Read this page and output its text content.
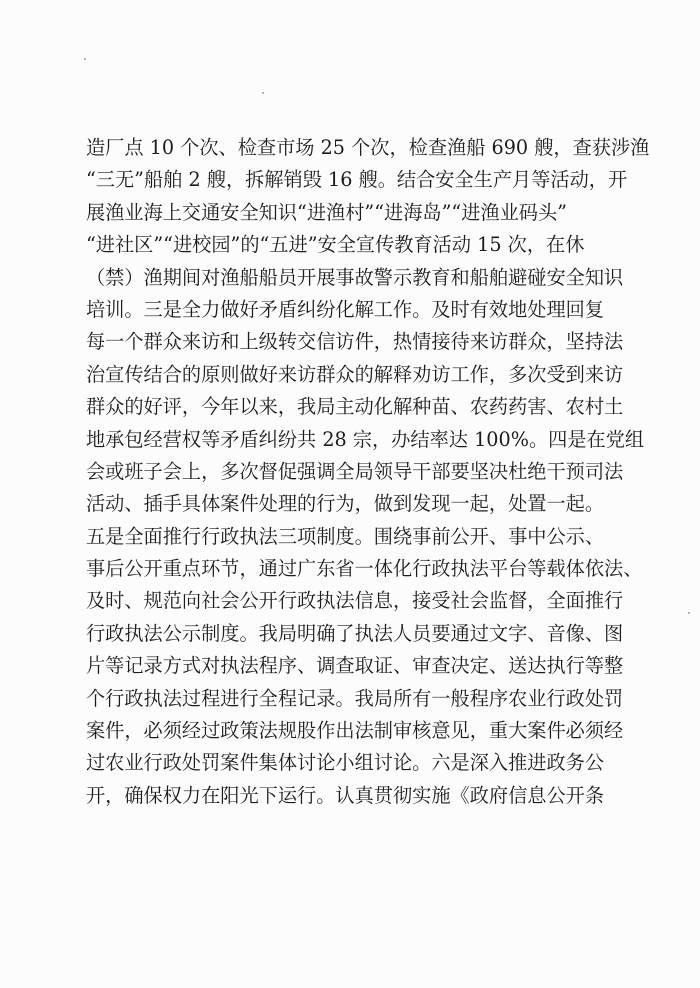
造厂点 10 个次、检查市场 25 个次，检查渔船 690 艘，查获涉渔

“三无”船舶 2 艘，拆解销毁 16 艘。结合安全生产月等活动，开

展渔业海上交通安全知识“进渔村”“进海岛”“进渔业码头”

“进社区”“进校园”的“五进”安全宣传教育活动 15 次，在休

（禁）渔期间对渔船船员开展事故警示教育和船舶避碰安全知识

培训。三是全力做好矛盾纠纷化解工作。及时有效地处理回复

每一个群众来访和上级转交信访件，热情接待来访群众，坚持法

治宣传结合的原则做好来访群众的解释劝访工作，多次受到来访

群众的好评，今年以来，我局主动化解种苗、农药药害、农村土

地承包经营权等矛盾纠纷共 28 宗，办结率达 100%。四是在党组

会或班子会上，多次督促强调全局领导干部要坚决杜绝干预司法

活动、插手具体案件处理的行为，做到发现一起，处置一起。

五是全面推行行政执法三项制度。围绕事前公开、事中公示、

事后公开重点环节，通过广东省一体化行政执法平台等载体依法、

及时、规范向社会公开行政执法信息，接受社会监督，全面推行

行政执法公示制度。我局明确了执法人员要通过文字、音像、图

片等记录方式对执法程序、调查取证、审查决定、送达执行等整

个行政执法过程进行全程记录。我局所有一般程序农业行政处罚

案件，必须经过政策法规股作出法制审核意见，重大案件必须经

过农业行政处罚案件集体讨论小组讨论。六是深入推进政务公

开，确保权力在阳光下运行。认真贯彻实施《政府信息公开条
